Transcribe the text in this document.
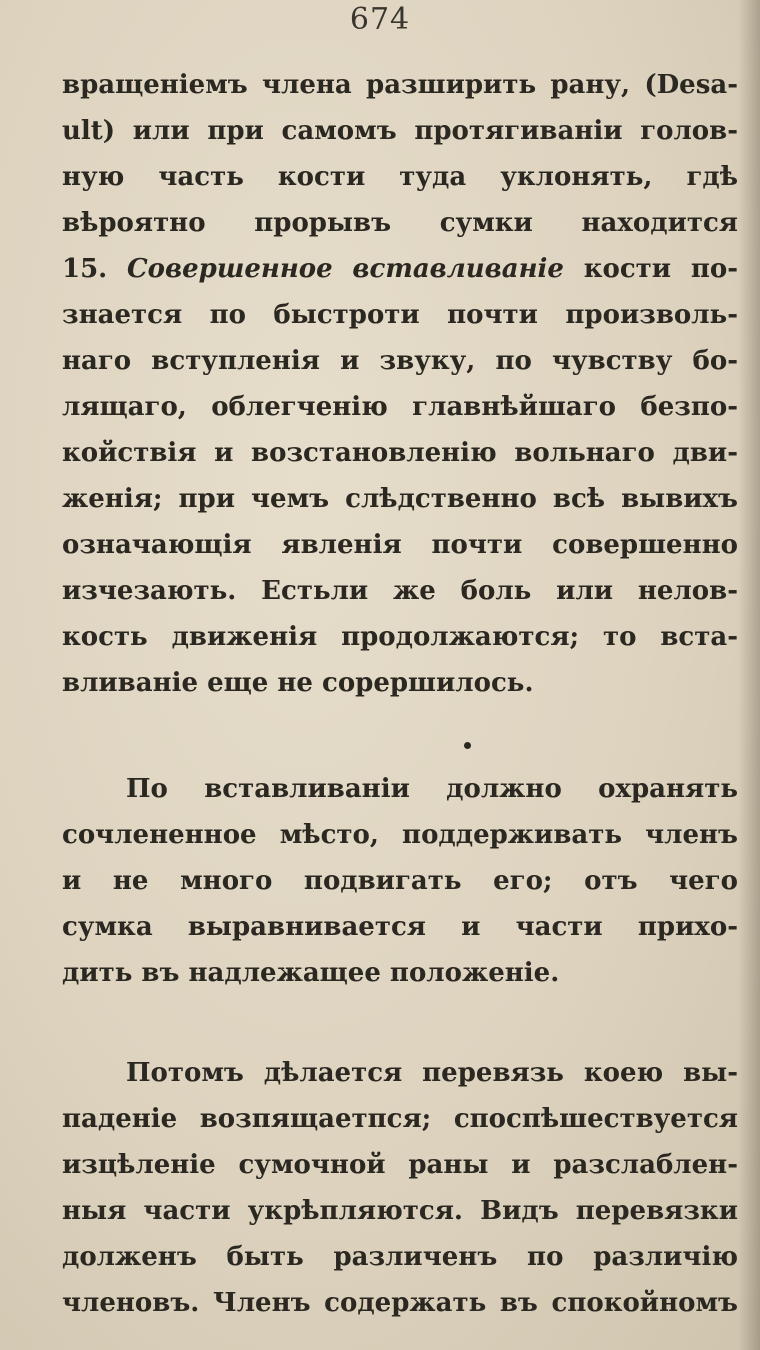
674
вращеніемъ члена разширить рану, (Desa-
ult) или при самомъ протягиваніи голов-
ную часть кости туда уклонять, гдѣ
вѣроятно прорывъ сумки находится
15. Совершенное вставливаніе кости по-
знается по быстроти почти произволь-
наго вступленія и звуку, по чувству бо-
лящаго, облегченію главнѣйшаго безпо-
койствія и возстановленію вольнаго дви-
женія; при чемъ слѣдственно всѣ вывихъ
означающія явленія почти совершенно
изчезають. Естьли же боль или нелов-
кость движенія продолжаются; то вста-
вливаніе еще не сорершилось.
По вставливаніи должно охранять
сочлененное мѣсто, поддерживать членъ
и не много подвигать его; отъ чего
сумка выравнивается и части прихо-
дить въ надлежащее положеніе.
Потомъ дѣлается перевязь коею вы-
паденіе возпящаетпся; споспѣшествуется
изцѣленіе сумочной раны и разслаблен-
ныя части укрѣпляются. Видъ перевязки
долженъ быть различенъ по различію
членовъ. Членъ содержать въ спокойномъ
